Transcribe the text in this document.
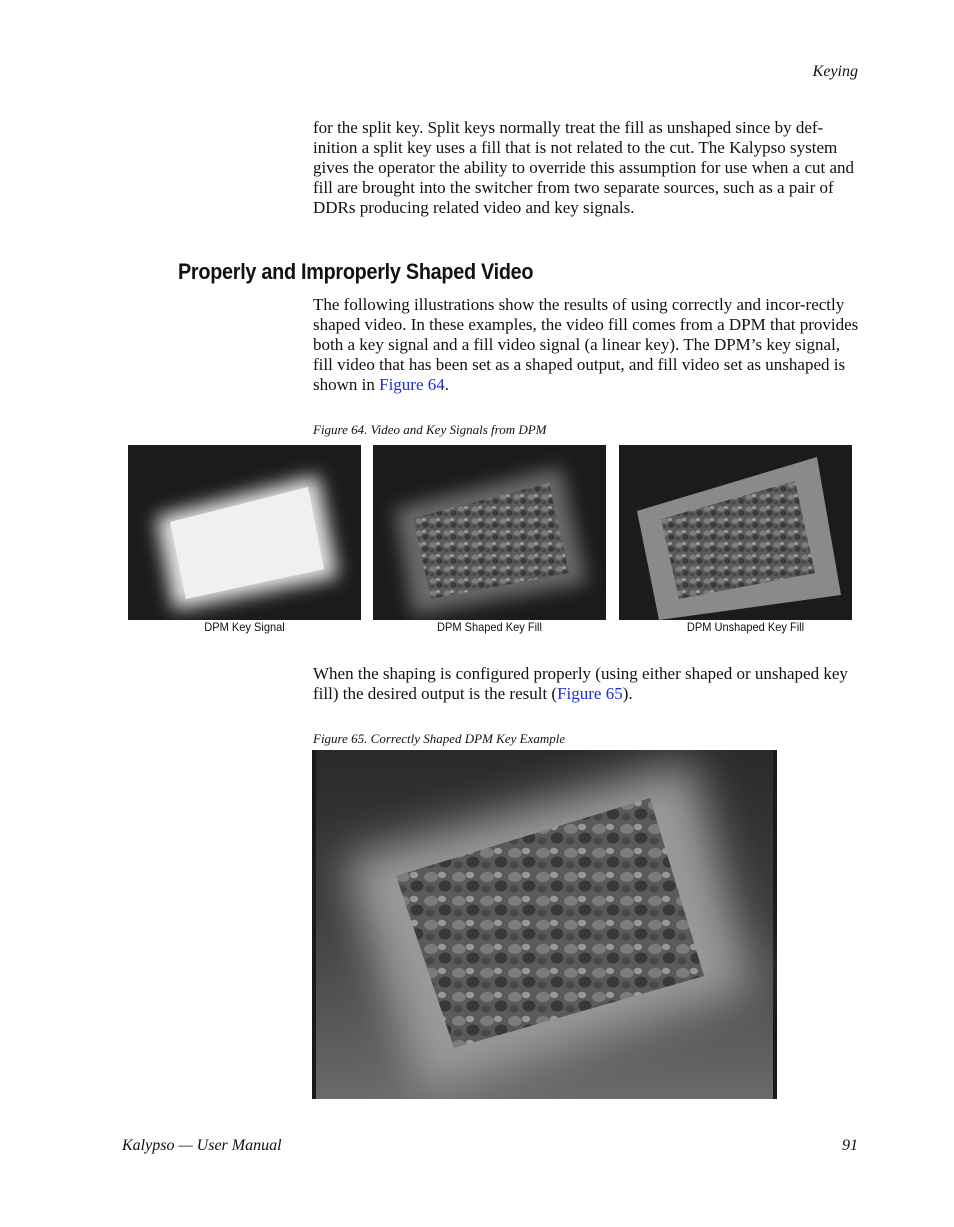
Keying

for the split key. Split keys normally treat the fill as unshaped since by def-inition a split key uses a fill that is not related to the cut. The Kalypso system gives the operator the ability to override this assumption for use when a cut and fill are brought into the switcher from two separate sources, such as a pair of DDRs producing related video and key signals.

Properly and Improperly Shaped Video

The following illustrations show the results of using correctly and incor-rectly shaped video. In these examples, the video fill comes from a DPM that provides both a key signal and a fill video signal (a linear key). The DPM’s key signal, fill video that has been set as a shaped output, and fill video set as unshaped is shown in Figure 64.

Figure 64. Video and Key Signals from DPM
DPM Key Signal	DPM Shaped Key Fill	DPM Unshaped Key Fill

When the shaping is configured properly (using either shaped or unshaped key fill) the desired output is the result (Figure 65).

Figure 65. Correctly Shaped DPM Key Example
Kalypso — User Manual	91
